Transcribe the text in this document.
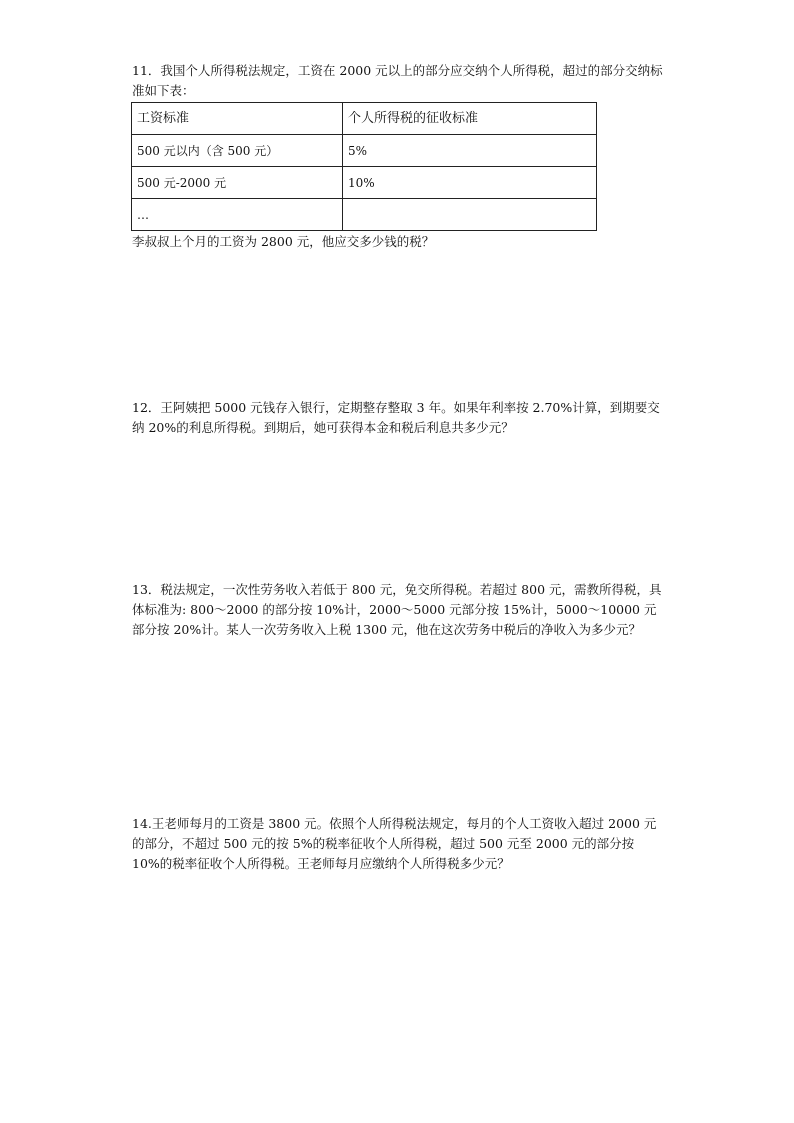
11．我国个人所得税法规定，工资在 2000 元以上的部分应交纳个人所得税，超过的部分交纳标准如下表：

工资标准	个人所得税的征收标准
500 元以内（含 500 元）	5%
500 元-2000 元	10%
…	

李叔叔上个月的工资为 2800 元，他应交多少钱的税？

12．王阿姨把 5000 元钱存入银行，定期整存整取 3 年。如果年利率按 2.70%计算，到期要交纳 20%的利息所得税。到期后，她可获得本金和税后利息共多少元？

13．税法规定，一次性劳务收入若低于 800 元，免交所得税。若超过 800 元，需教所得税，具体标准为: 800～2000 的部分按 10%计，2000～5000 元部分按 15%计，5000～10000 元部分按 20%计。某人一次劳务收入上税 1300 元，他在这次劳务中税后的净收入为多少元？

14.王老师每月的工资是 3800 元。依照个人所得税法规定，每月的个人工资收入超过 2000 元的部分，不超过 500 元的按 5%的税率征收个人所得税，超过 500 元至 2000 元的部分按 10%的税率征收个人所得税。王老师每月应缴纳个人所得税多少元？
